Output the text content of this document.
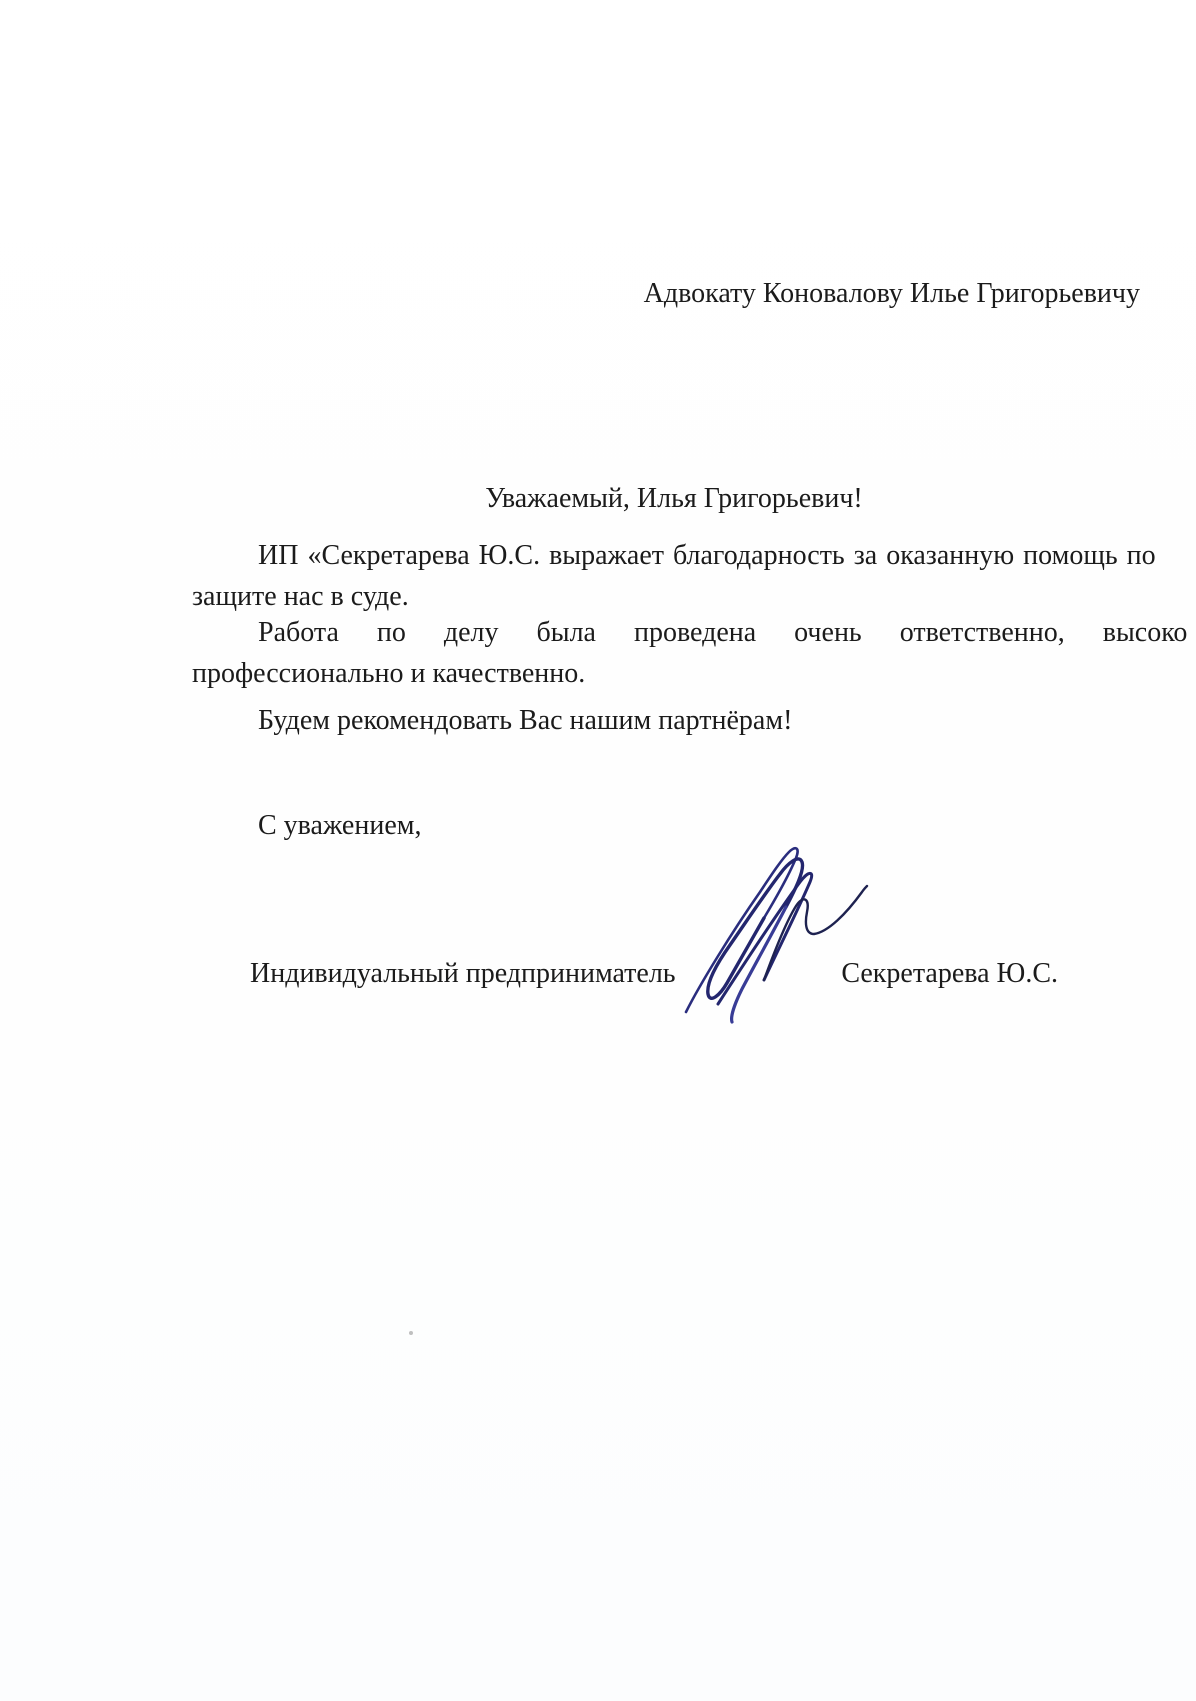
Адвокату Коновалову Илье Григорьевичу
Уважаемый, Илья Григорьевич!
ИП «Секретарева Ю.С. выражает благодарность за оказанную помощь по
защите нас в суде.
Работа по делу была проведена очень ответственно, высоко
профессионально и качественно.
Будем рекомендовать Вас нашим партнёрам!
С уважением,
Индивидуальный предприниматель	Секретарева Ю.С.
